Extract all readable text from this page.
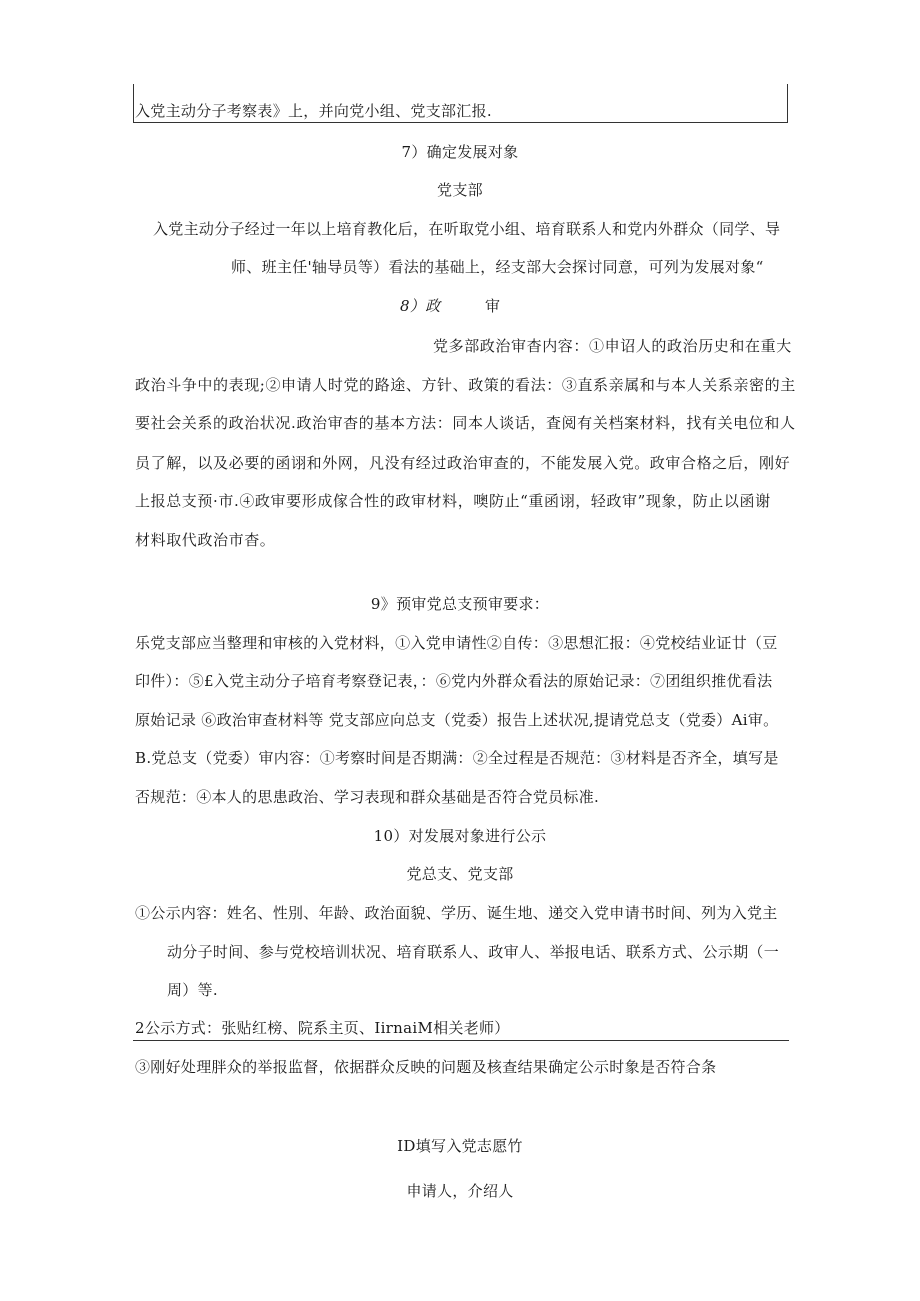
入党主动分子考察表》上，并向党小组、党支部汇报.
7）确定发展对象
党支部
入党主动分子经过一年以上培育教化后，在听取党小组、培育联系人和党内外群众（同学、导
师、班主任'轴导员等）看法的基础上，经支部大会探讨同意，可列为发展对象“
8）政	审
党多部政治审杳内容：①申诏人的政治历史和在重大
政治斗争中的表现;②申请人时党的路途、方针、政策的看法：③直系亲属和与本人关系亲密的主
要社会关系的政治状况.政治审杳的基本方法：同本人谈话，査阅有关档案材料，找有关电位和人
员了解，以及必要的函诩和外网，凡没有经过政治审查的，不能发展入党。政审合格之后，刚好
上报总支预·市.④政审要形成傢合性的政审材料，噢防止“重函诩，轻政审”现象，防止以函谢
材料取代政治市杳。
9》预审党总支预审要求：
乐党支部应当整理和审核的入党材料，①入党申请性②自传：③思想汇报：④党校结业证廿（豆
印件）：⑤£入党主动分子培育考察登记表，：⑥党内外群众看法的原始记录：⑦团组织推优看法
原始记录 ⑥政治审查材料等 党支部应向总支（党委）报告上述状况,提请党总支（党委）Ai审。
B.党总支（党委）审内容：①考察时间是否期满：②全过程是否规范：③材料是否齐全，填写是
否规范：④本人的思患政治、学习表现和群众基础是否符合党员标准.
10）对发展对象进行公示
党总支、党支部
①公示内容：姓名、性別、年龄、政治面貌、学历、诞生地、递交入党申请书时间、列为入党主
动分子时间、参与党校培训状况、培育联系人、政审人、举报电话、联系方式、公示期（一
周）等.
2公示方式：张贴红榜、院系主页、IirnaiM相关老师）
③刚好处理胖众的举报监督，依据群众反映的问题及核查结果确定公示时象是否符合条
ID填写入党志愿竹
申请人，介绍人
